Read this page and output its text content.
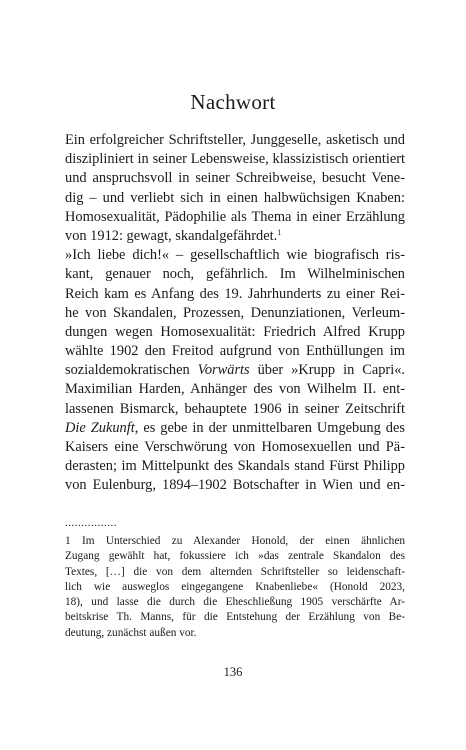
Nachwort
Ein erfolgreicher Schriftsteller, Junggeselle, asketisch und
diszipliniert in seiner Lebensweise, klassizistisch orientiert
und anspruchsvoll in seiner Schreibweise, besucht Vene-
dig – und verliebt sich in einen halbwüchsigen Knaben:
Homosexualität, Pädophilie als Thema in einer Erzählung
von 1912: gewagt, skandalgefährdet.$^1$
»Ich liebe dich!« – gesellschaftlich wie biografisch ris-
kant, genauer noch, gefährlich. Im Wilhelminischen
Reich kam es Anfang des 19. Jahrhunderts zu einer Rei-
he von Skandalen, Prozessen, Denunziationen, Verleum-
dungen wegen Homosexualität: Friedrich Alfred Krupp
wählte 1902 den Freitod aufgrund von Enthüllungen im
sozialdemokratischen Vorwärts über »Krupp in Capri«.
Maximilian Harden, Anhänger des von Wilhelm II. ent-
lassenen Bismarck, behauptete 1906 in seiner Zeitschrift
Die Zukunft, es gebe in der unmittelbaren Umgebung des
Kaisers eine Verschwörung von Homosexuellen und Pä-
derasten; im Mittelpunkt des Skandals stand Fürst Philipp
von Eulenburg, 1894–1902 Botschafter in Wien und en-
................
1 Im Unterschied zu Alexander Honold, der einen ähnlichen
Zugang gewählt hat, fokussiere ich »das zentrale Skandalon des
Textes, […] die von dem alternden Schriftsteller so leidenschaft-
lich wie ausweglos eingegangene Knabenliebe« (Honold 2023,
18), und lasse die durch die Eheschließung 1905 verschärfte Ar-
beitskrise Th. Manns, für die Entstehung der Erzählung von Be-
deutung, zunächst außen vor.
136
